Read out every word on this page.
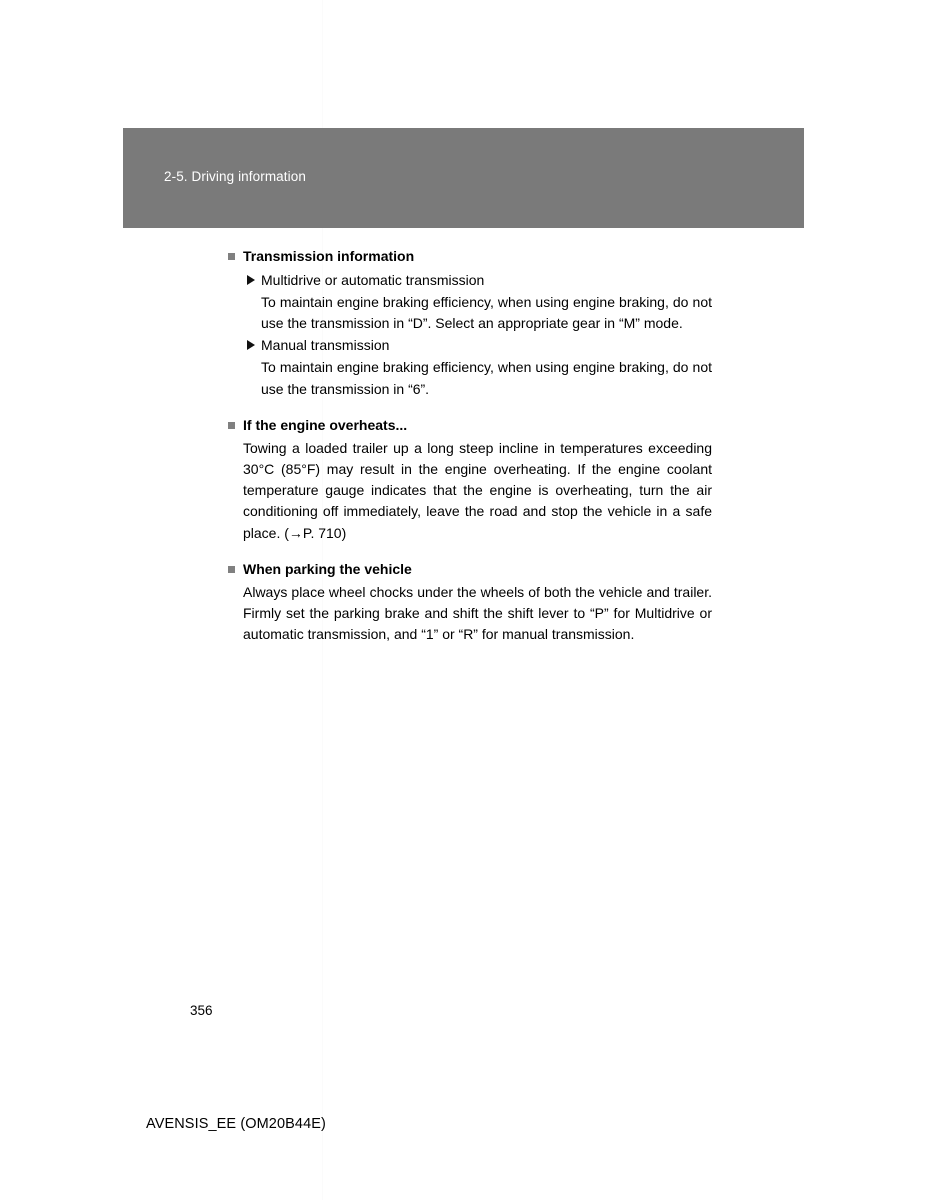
2-5. Driving information
Transmission information
Multidrive or automatic transmission

To maintain engine braking efficiency, when using engine braking, do not use the transmission in “D”. Select an appropriate gear in “M” mode.

Manual transmission

To maintain engine braking efficiency, when using engine braking, do not use the transmission in “6”.

If the engine overheats...

Towing a loaded trailer up a long steep incline in temperatures exceeding 30°C (85°F) may result in the engine overheating. If the engine coolant temperature gauge indicates that the engine is overheating, turn the air conditioning off immediately, leave the road and stop the vehicle in a safe place. (→P. 710)

When parking the vehicle

Always place wheel chocks under the wheels of both the vehicle and trailer. Firmly set the parking brake and shift the shift lever to “P” for Multidrive or automatic transmission, and “1” or “R” for manual transmission.

356
AVENSIS_EE (OM20B44E)
